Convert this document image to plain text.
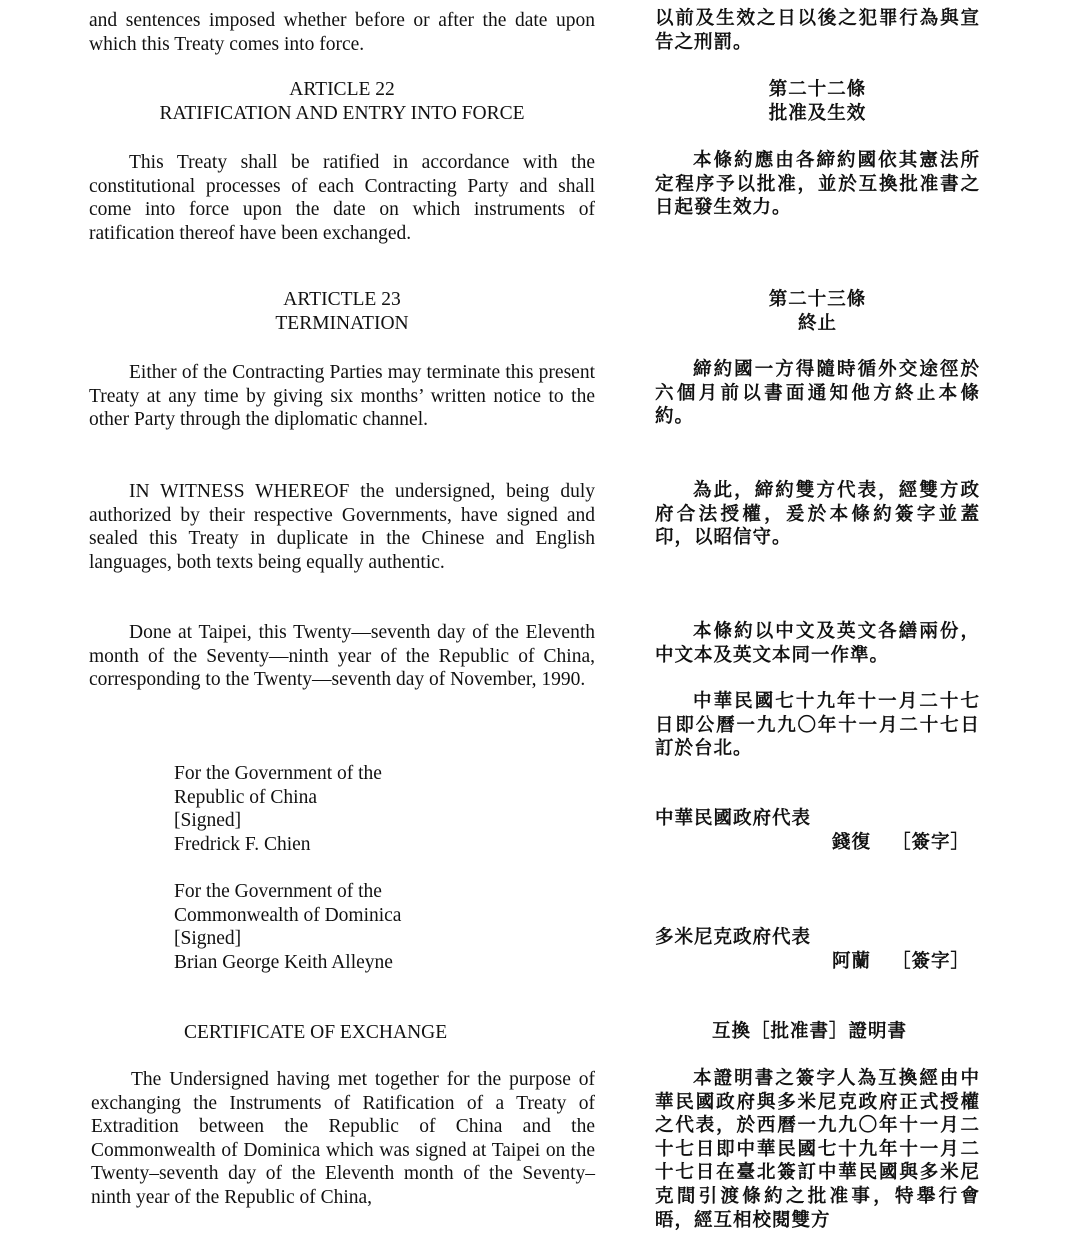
and sentences imposed whether before or after the date upon which this Treaty comes into force.

ARTICLE 22

RATIFICATION AND ENTRY INTO FORCE

This Treaty shall be ratified in accordance with the constitutional processes of each Contracting Party and shall come into force upon the date on which instruments of ratification thereof have been exchanged.

ARTICTLE 23

TERMINATION

Either of the Contracting Parties may terminate this present Treaty at any time by giving six months’ written notice to the other Party through the diplomatic channel.

IN WITNESS WHEREOF the undersigned, being duly authorized by their respective Governments, have signed and sealed this Treaty in duplicate in the Chinese and English languages, both texts being equally authentic.

Done at Taipei, this Twenty—seventh day of the Eleventh month of the Seventy—ninth year of the Republic of China, corresponding to the Twenty—seventh day of November, 1990.

For the Government of the
Republic of China
[Signed]
Fredrick F. Chien
For the Government of the
Commonwealth of Dominica
[Signed]
Brian George Keith Alleyne

CERTIFICATE OF EXCHANGE

The Undersigned having met together for the purpose of exchanging the Instruments of Ratification of a Treaty of Extradition between the Republic of China and the Commonwealth of Dominica which was signed at Taipei on the Twenty–seventh day of the Eleventh month of the Seventy–ninth year of the Republic of China,

以前及生效之日以後之犯罪行為與宣告之刑罰。

第二十二條

批准及生效

本條約應由各締約國依其憲法所定程序予以批准，並於互換批准書之日起發生效力。

第二十三條

終止

締約國一方得隨時循外交途徑於六個月前以書面通知他方終止本條約。

為此，締約雙方代表，經雙方政府合法授權，爰於本條約簽字並蓋印，以昭信守。

本條約以中文及英文各繕兩份，中文本及英文本同一作準。

中華民國七十九年十一月二十七日即公曆一九九〇年十一月二十七日訂於台北。

中華民國政府代表

錢復 ［簽字］

多米尼克政府代表

阿蘭 ［簽字］

互換［批准書］證明書

本證明書之簽字人為互換經由中華民國政府與多米尼克政府正式授權之代表，於西曆一九九〇年十一月二十七日即中華民國七十九年十一月二十七日在臺北簽訂中華民國與多米尼克間引渡條約之批准事，特舉行會晤，經互相校閱雙方
